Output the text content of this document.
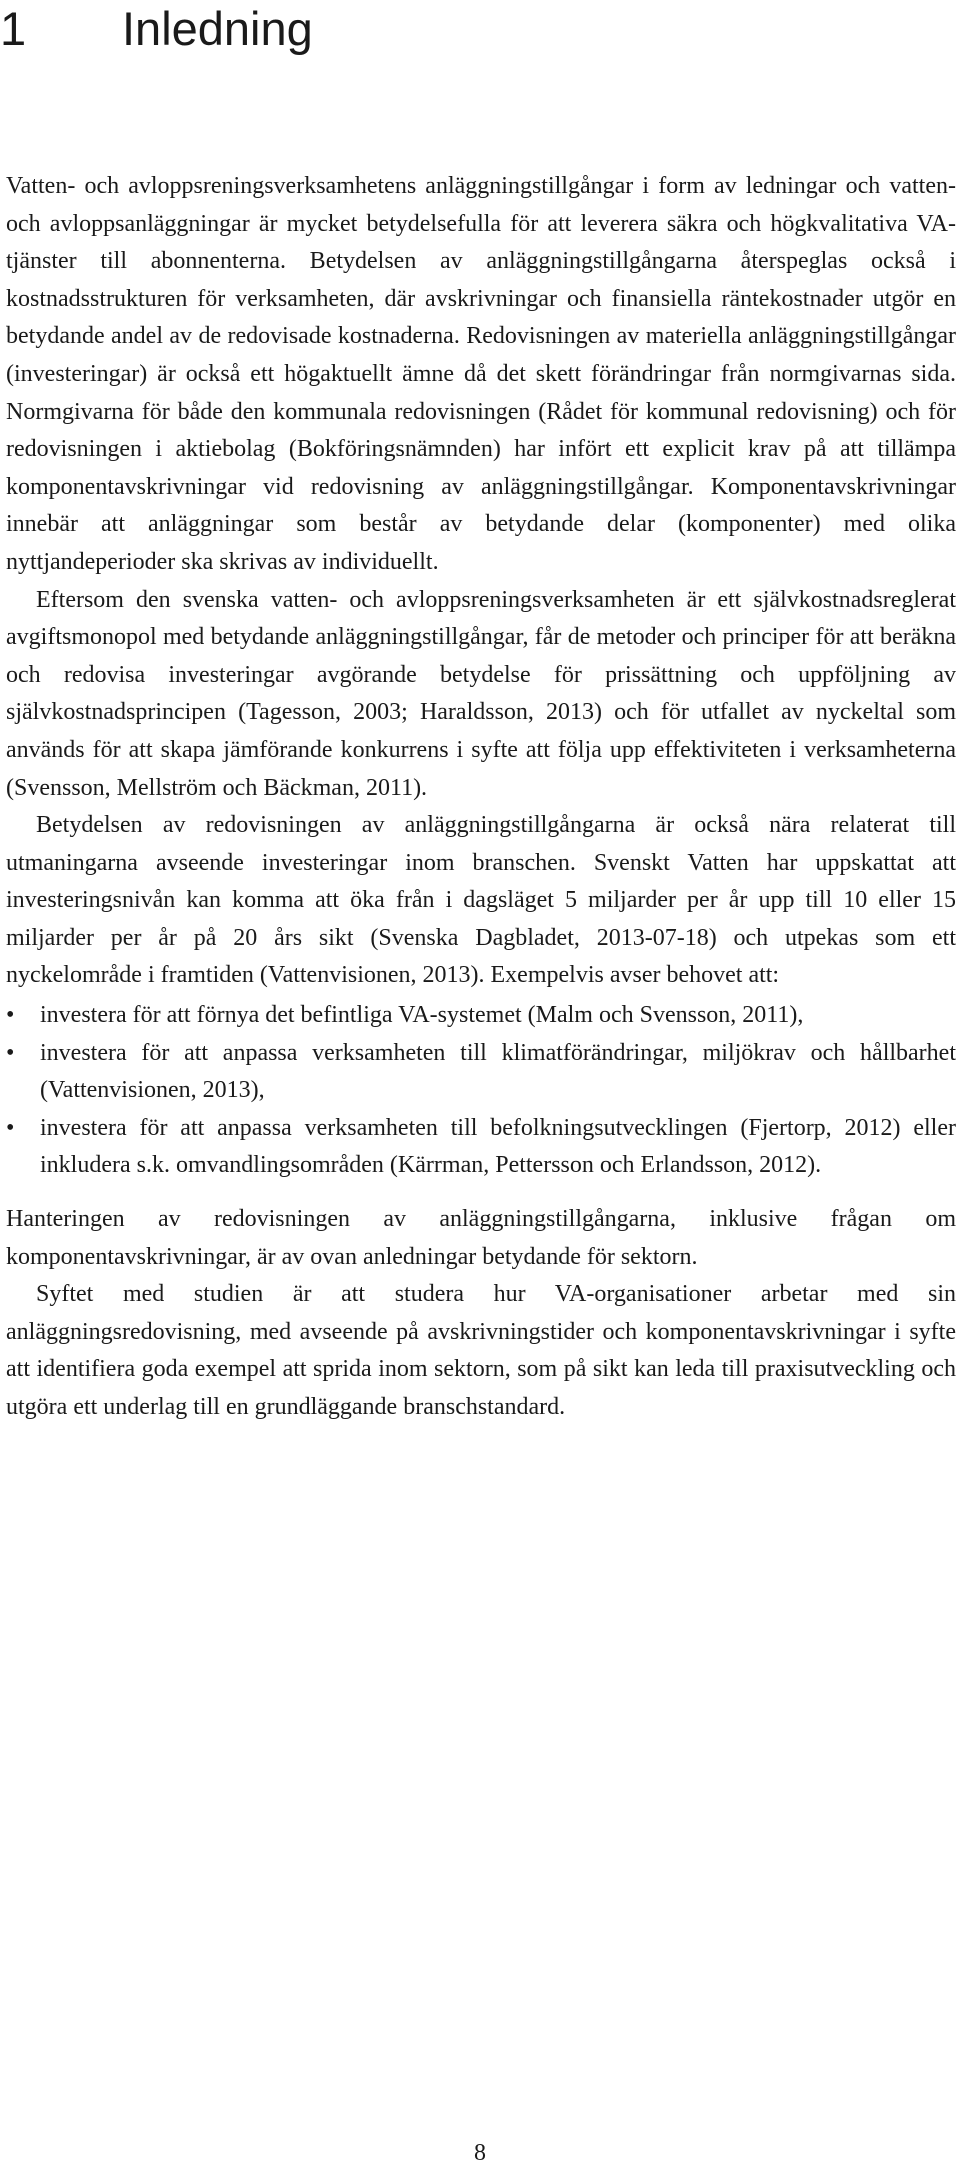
1 Inledning

Vatten- och avloppsreningsverksamhetens anläggningstillgångar i form av ledningar och vatten- och avloppsanläggningar är mycket betydelsefulla för att leverera säkra och högkvalitativa VA-tjänster till abonnenterna. Betydelsen av anläggningstillgångarna återspeglas också i kostnadsstrukturen för verksamheten, där avskrivningar och finansiella räntekostnader utgör en betydande andel av de redovisade kostnaderna. Redovisningen av materiella anläggningstillgångar (investeringar) är också ett högaktuellt ämne då det skett förändringar från normgivarnas sida. Normgivarna för både den kommunala redovisningen (Rådet för kommunal redovisning) och för redovisningen i aktiebolag (Bokföringsnämnden) har infört ett explicit krav på att tillämpa komponentavskrivningar vid redovisning av anläggningstillgångar. Komponentavskrivningar innebär att anläggningar som består av betydande delar (komponenter) med olika nyttjandeperioder ska skrivas av individuellt.

Eftersom den svenska vatten- och avloppsreningsverksamheten är ett självkostnadsreglerat avgiftsmonopol med betydande anläggningstillgångar, får de metoder och principer för att beräkna och redovisa investeringar avgörande betydelse för prissättning och uppföljning av självkostnadsprincipen (Tagesson, 2003; Haraldsson, 2013) och för utfallet av nyckeltal som används för att skapa jämförande konkurrens i syfte att följa upp effektiviteten i verksamheterna (Svensson, Mellström och Bäckman, 2011).

Betydelsen av redovisningen av anläggningstillgångarna är också nära relaterat till utmaningarna avseende investeringar inom branschen. Svenskt Vatten har uppskattat att investeringsnivån kan komma att öka från i dagsläget 5 miljarder per år upp till 10 eller 15 miljarder per år på 20 års sikt (Svenska Dagbladet, 2013-07-18) och utpekas som ett nyckelområde i framtiden (Vattenvisionen, 2013). Exempelvis avser behovet att:

• investera för att förnya det befintliga VA-systemet (Malm och Svensson, 2011),
• investera för att anpassa verksamheten till klimatförändringar, miljökrav och hållbarhet (Vattenvisionen, 2013),
• investera för att anpassa verksamheten till befolkningsutvecklingen (Fjertorp, 2012) eller inkludera s.k. omvandlingsområden (Kärrman, Pettersson och Erlandsson, 2012).

Hanteringen av redovisningen av anläggningstillgångarna, inklusive frågan om komponentavskrivningar, är av ovan anledningar betydande för sektorn.

Syftet med studien är att studera hur VA-organisationer arbetar med sin anläggningsredovisning, med avseende på avskrivningstider och komponentavskrivningar i syfte att identifiera goda exempel att sprida inom sektorn, som på sikt kan leda till praxisutveckling och utgöra ett underlag till en grundläggande branschstandard.

8
